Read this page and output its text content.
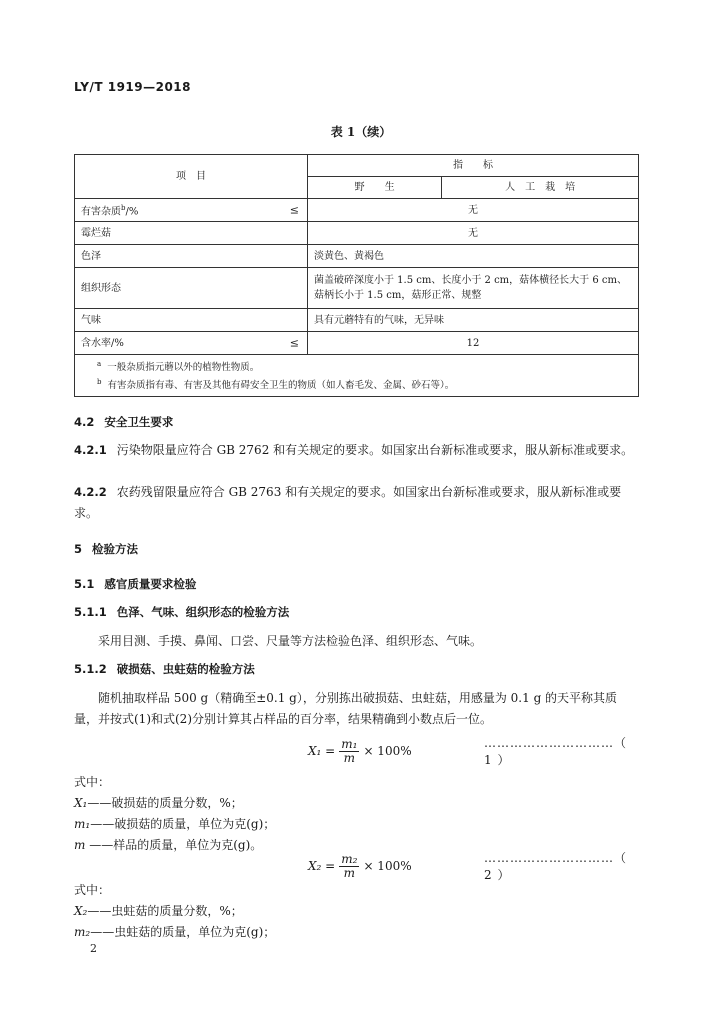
LY/T 1919—2018
表 1（续）
项　目	指　　标	
	野　　生	人　工　栽　培
有害杂质$^b$/% ≤	无	
霉烂菇	无	
色泽	淡黄色、黄褐色	
组织形态	菌盖破碎深度小于 1.5 cm、长度小于 2 cm，菇体横径长大于 6 cm、菇柄长小于 1.5 cm，菇形正常、规整	
气味	具有元蘑特有的气味，无异味	
含水率/% ≤	12	

$^a$ 一般杂质指元蘑以外的植物性物质。
$^b$ 有害杂质指有毒、有害及其他有碍安全卫生的物质（如人畜毛发、金属、砂石等）。		
4.2 安全卫生要求
4.2.1 污染物限量应符合 GB 2762 和有关规定的要求。如国家出台新标准或要求，服从新标准或要求。
4.2.2 农药残留限量应符合 GB 2763 和有关规定的要求。如国家出台新标准或要求，服从新标准或要求。
5 检验方法
5.1 感官质量要求检验
5.1.1 色泽、气味、组织形态的检验方法
采用目测、手摸、鼻闻、口尝、尺量等方法检验色泽、组织形态、气味。
5.1.2 破损菇、虫蛀菇的检验方法
随机抽取样品 500 g（精确至±0.1 g），分别拣出破损菇、虫蛀菇，用感量为 0.1 g 的天平称其质量，并按式(1)和式(2)分别计算其占样品的百分率，结果精确到小数点后一位。
$X_1 = \frac{\text{m₁}}{m} \times 100\%$
…………………………（ 1 ）
式中：
X₁——破损菇的质量分数，%；
m₁——破损菇的质量，单位为克(g)；
m ——样品的质量，单位为克(g)。
$X_2 = \frac{\text{m₂}}{m} \times 100\%$
…………………………（ 2 ）
式中：
X₂——虫蛀菇的质量分数，%；
m₂——虫蛀菇的质量，单位为克(g)；
2
